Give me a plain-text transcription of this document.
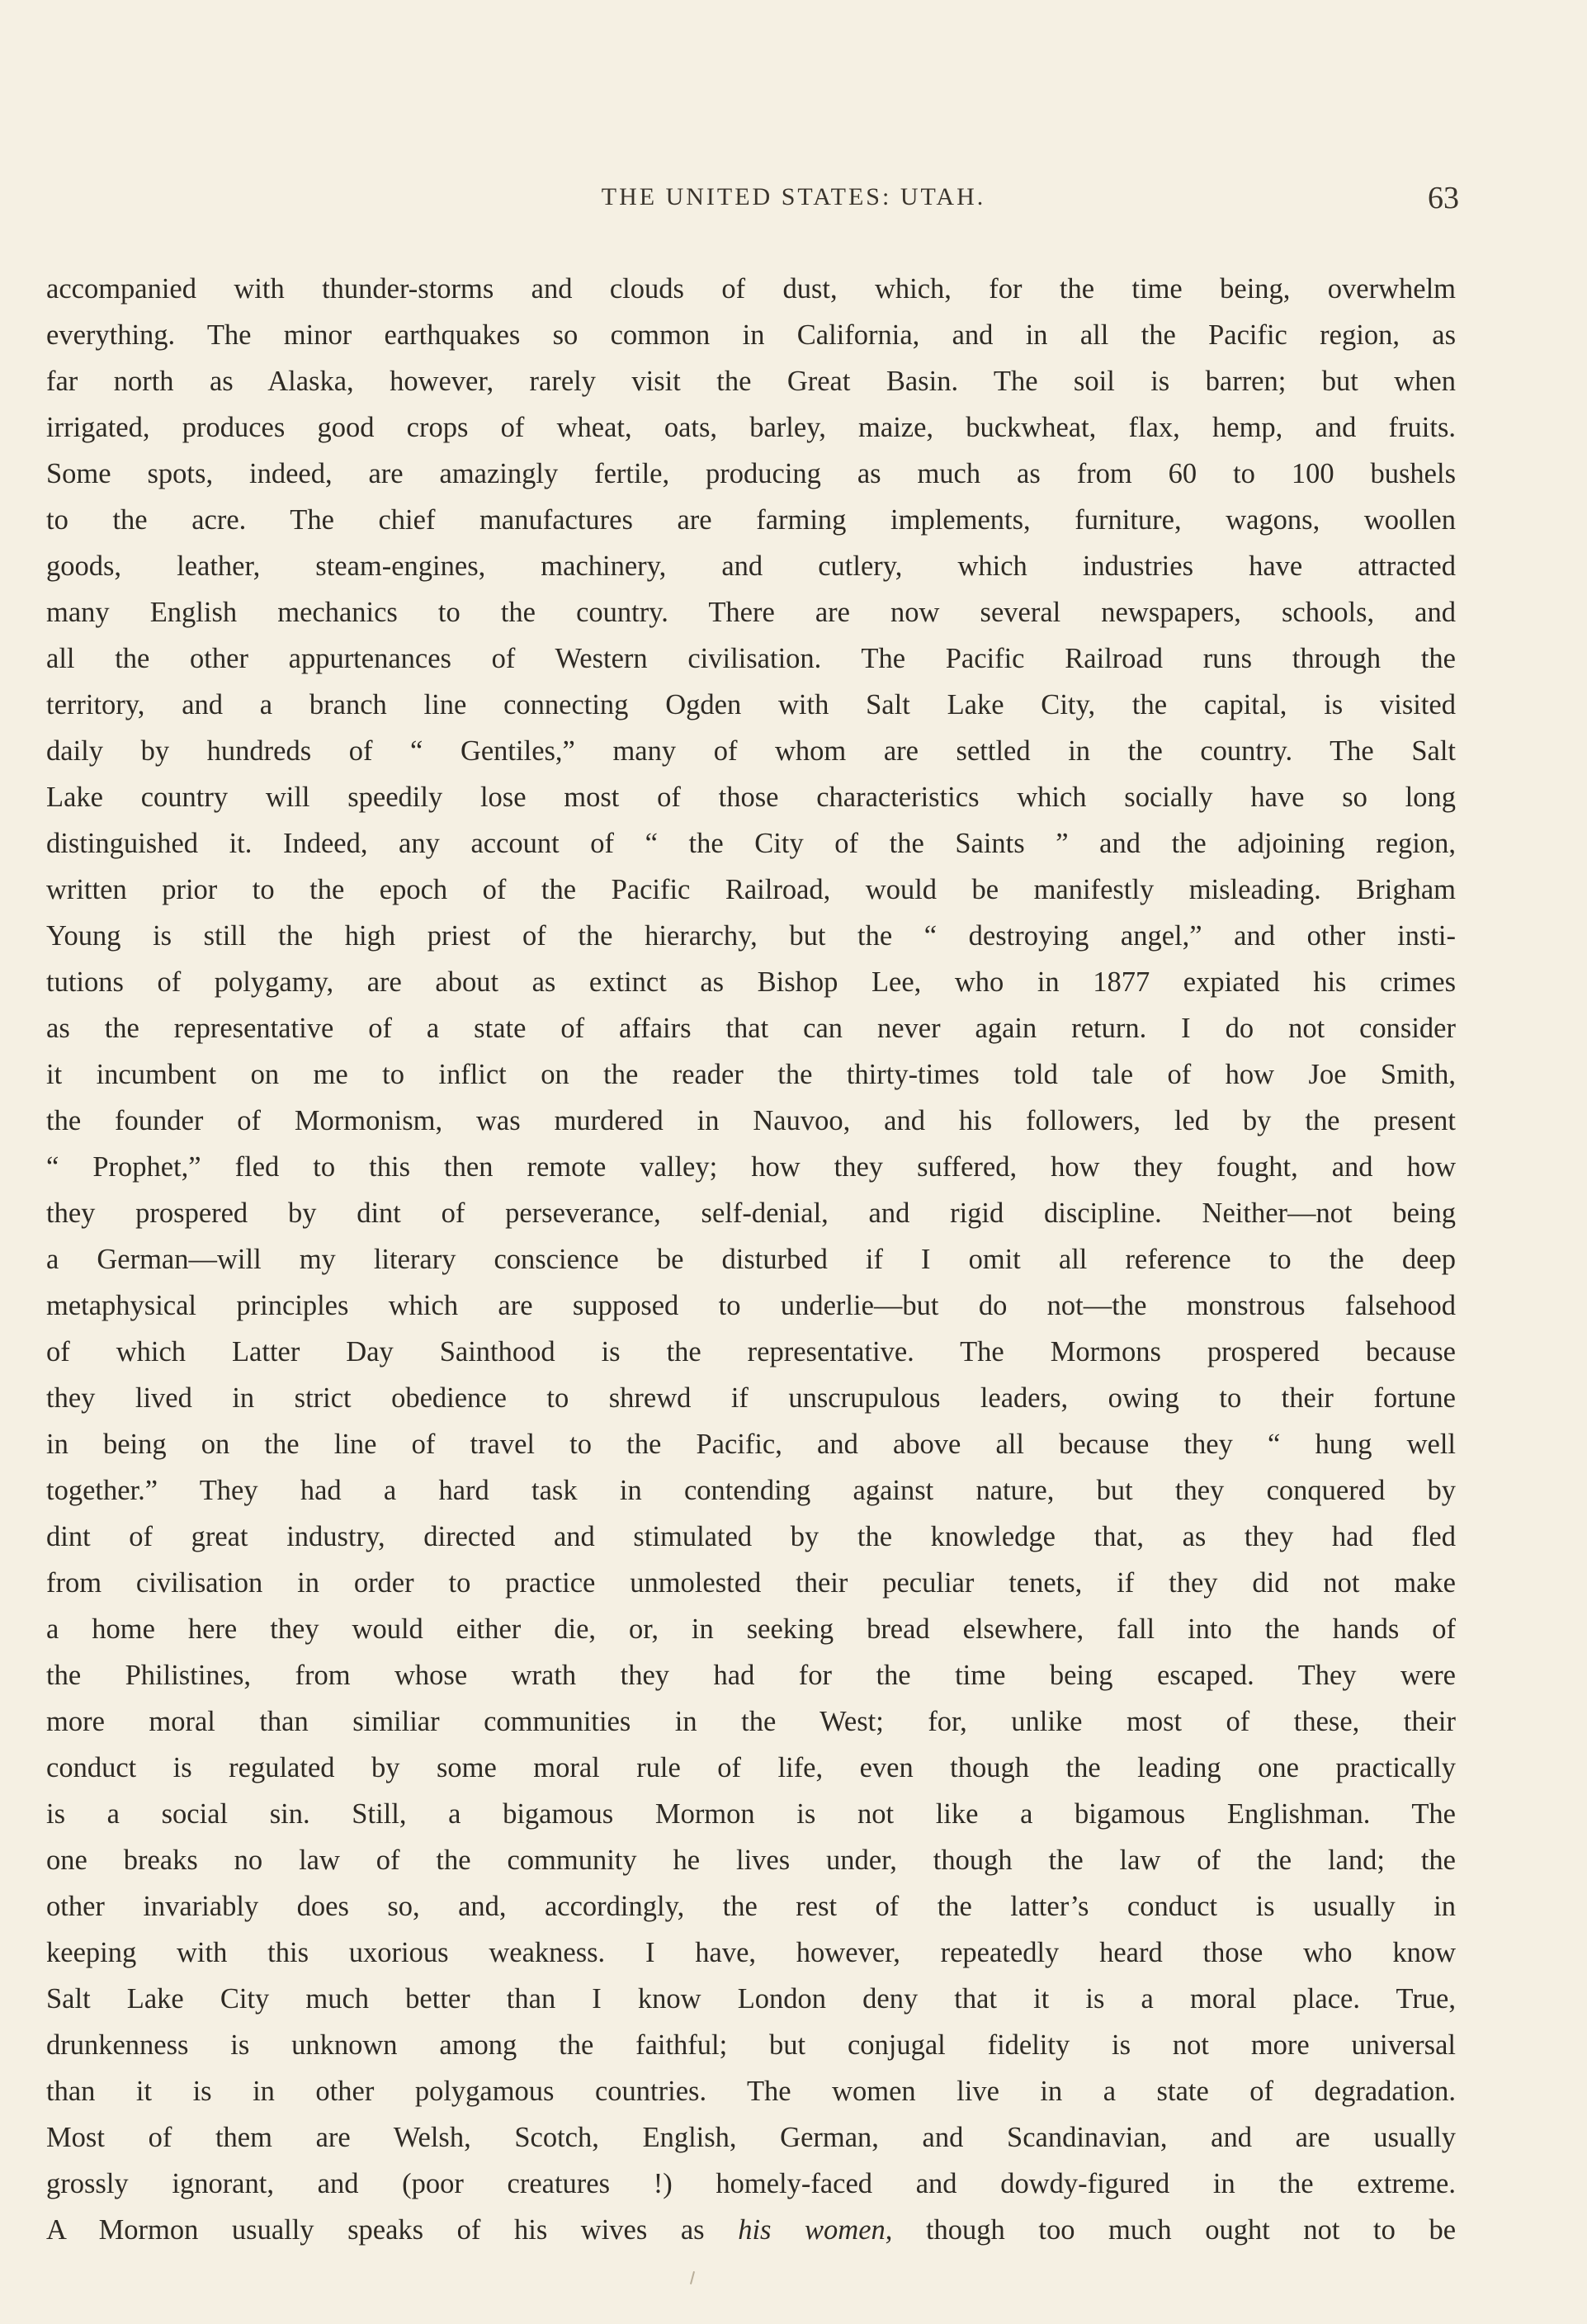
THE UNITED STATES: UTAH.	63
accompanied with thunder-storms and clouds of dust, which, for the time being, overwhelm
everything. The minor earthquakes so common in California, and in all the Pacific region, as
far north as Alaska, however, rarely visit the Great Basin. The soil is barren; but when
irrigated, produces good crops of wheat, oats, barley, maize, buckwheat, flax, hemp, and fruits.
Some spots, indeed, are amazingly fertile, producing as much as from 60 to 100 bushels
to the acre. The chief manufactures are farming implements, furniture, wagons, woollen
goods, leather, steam-engines, machinery, and cutlery, which industries have attracted
many English mechanics to the country. There are now several newspapers, schools, and
all the other appurtenances of Western civilisation. The Pacific Railroad runs through the
territory, and a branch line connecting Ogden with Salt Lake City, the capital, is visited
daily by hundreds of “ Gentiles,” many of whom are settled in the country. The Salt
Lake country will speedily lose most of those characteristics which socially have so long
distinguished it. Indeed, any account of “ the City of the Saints ” and the adjoining region,
written prior to the epoch of the Pacific Railroad, would be manifestly misleading. Brigham
Young is still the high priest of the hierarchy, but the “ destroying angel,” and other insti-
tutions of polygamy, are about as extinct as Bishop Lee, who in 1877 expiated his crimes
as the representative of a state of affairs that can never again return. I do not consider
it incumbent on me to inflict on the reader the thirty-times told tale of how Joe Smith,
the founder of Mormonism, was murdered in Nauvoo, and his followers, led by the present
“ Prophet,” fled to this then remote valley; how they suffered, how they fought, and how
they prospered by dint of perseverance, self-denial, and rigid discipline. Neither—not being
a German—will my literary conscience be disturbed if I omit all reference to the deep
metaphysical principles which are supposed to underlie—but do not—the monstrous falsehood
of which Latter Day Sainthood is the representative. The Mormons prospered because
they lived in strict obedience to shrewd if unscrupulous leaders, owing to their fortune
in being on the line of travel to the Pacific, and above all because they “ hung well
together.” They had a hard task in contending against nature, but they conquered by
dint of great industry, directed and stimulated by the knowledge that, as they had fled
from civilisation in order to practice unmolested their peculiar tenets, if they did not make
a home here they would either die, or, in seeking bread elsewhere, fall into the hands of
the Philistines, from whose wrath they had for the time being escaped. They were
more moral than similiar communities in the West; for, unlike most of these, their
conduct is regulated by some moral rule of life, even though the leading one practically
is a social sin. Still, a bigamous Mormon is not like a bigamous Englishman. The
one breaks no law of the community he lives under, though the law of the land; the
other invariably does so, and, accordingly, the rest of the latter’s conduct is usually in
keeping with this uxorious weakness. I have, however, repeatedly heard those who know
Salt Lake City much better than I know London deny that it is a moral place. True,
drunkenness is unknown among the faithful; but conjugal fidelity is not more universal
than it is in other polygamous countries. The women live in a state of degradation.
Most of them are Welsh, Scotch, English, German, and Scandinavian, and are usually
grossly ignorant, and (poor creatures !) homely-faced and dowdy-figured in the extreme.
A Mormon usually speaks of his wives as his women, though too much ought not to be
